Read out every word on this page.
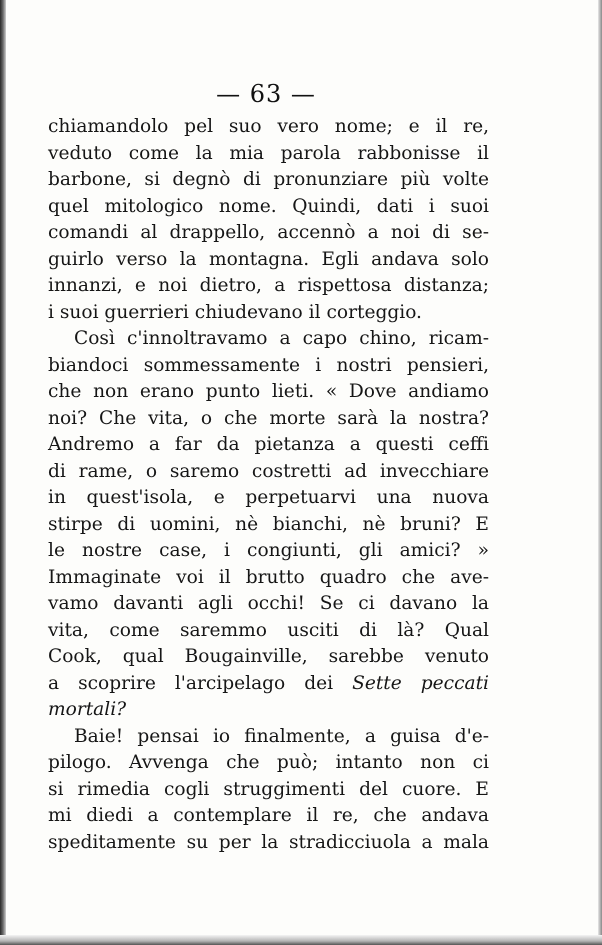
— 63 —
chiamandolo pel suo vero nome; e il re,
veduto come la mia parola rabbonisse il
barbone, si degnò di pronunziare più volte
quel mitologico nome. Quindi, dati i suoi
comandi al drappello, accennò a noi di se-
guirlo verso la montagna. Egli andava solo
innanzi, e noi dietro, a rispettosa distanza;
i suoi guerrieri chiudevano il corteggio.
Così c'innoltravamo a capo chino, ricam-
biandoci sommessamente i nostri pensieri,
che non erano punto lieti. « Dove andiamo
noi? Che vita, o che morte sarà la nostra?
Andremo a far da pietanza a questi ceffi
di rame, o saremo costretti ad invecchiare
in quest'isola, e perpetuarvi una nuova
stirpe di uomini, nè bianchi, nè bruni? E
le nostre case, i congiunti, gli amici? »
Immaginate voi il brutto quadro che ave-
vamo davanti agli occhi! Se ci davano la
vita, come saremmo usciti di là? Qual
Cook, qual Bougainville, sarebbe venuto
a scoprire l'arcipelago dei Sette peccati
mortali?
Baie! pensai io finalmente, a guisa d'e-
pilogo. Avvenga che può; intanto non ci
si rimedia cogli struggimenti del cuore. E
mi diedi a contemplare il re, che andava
speditamente su per la stradicciuola a mala
